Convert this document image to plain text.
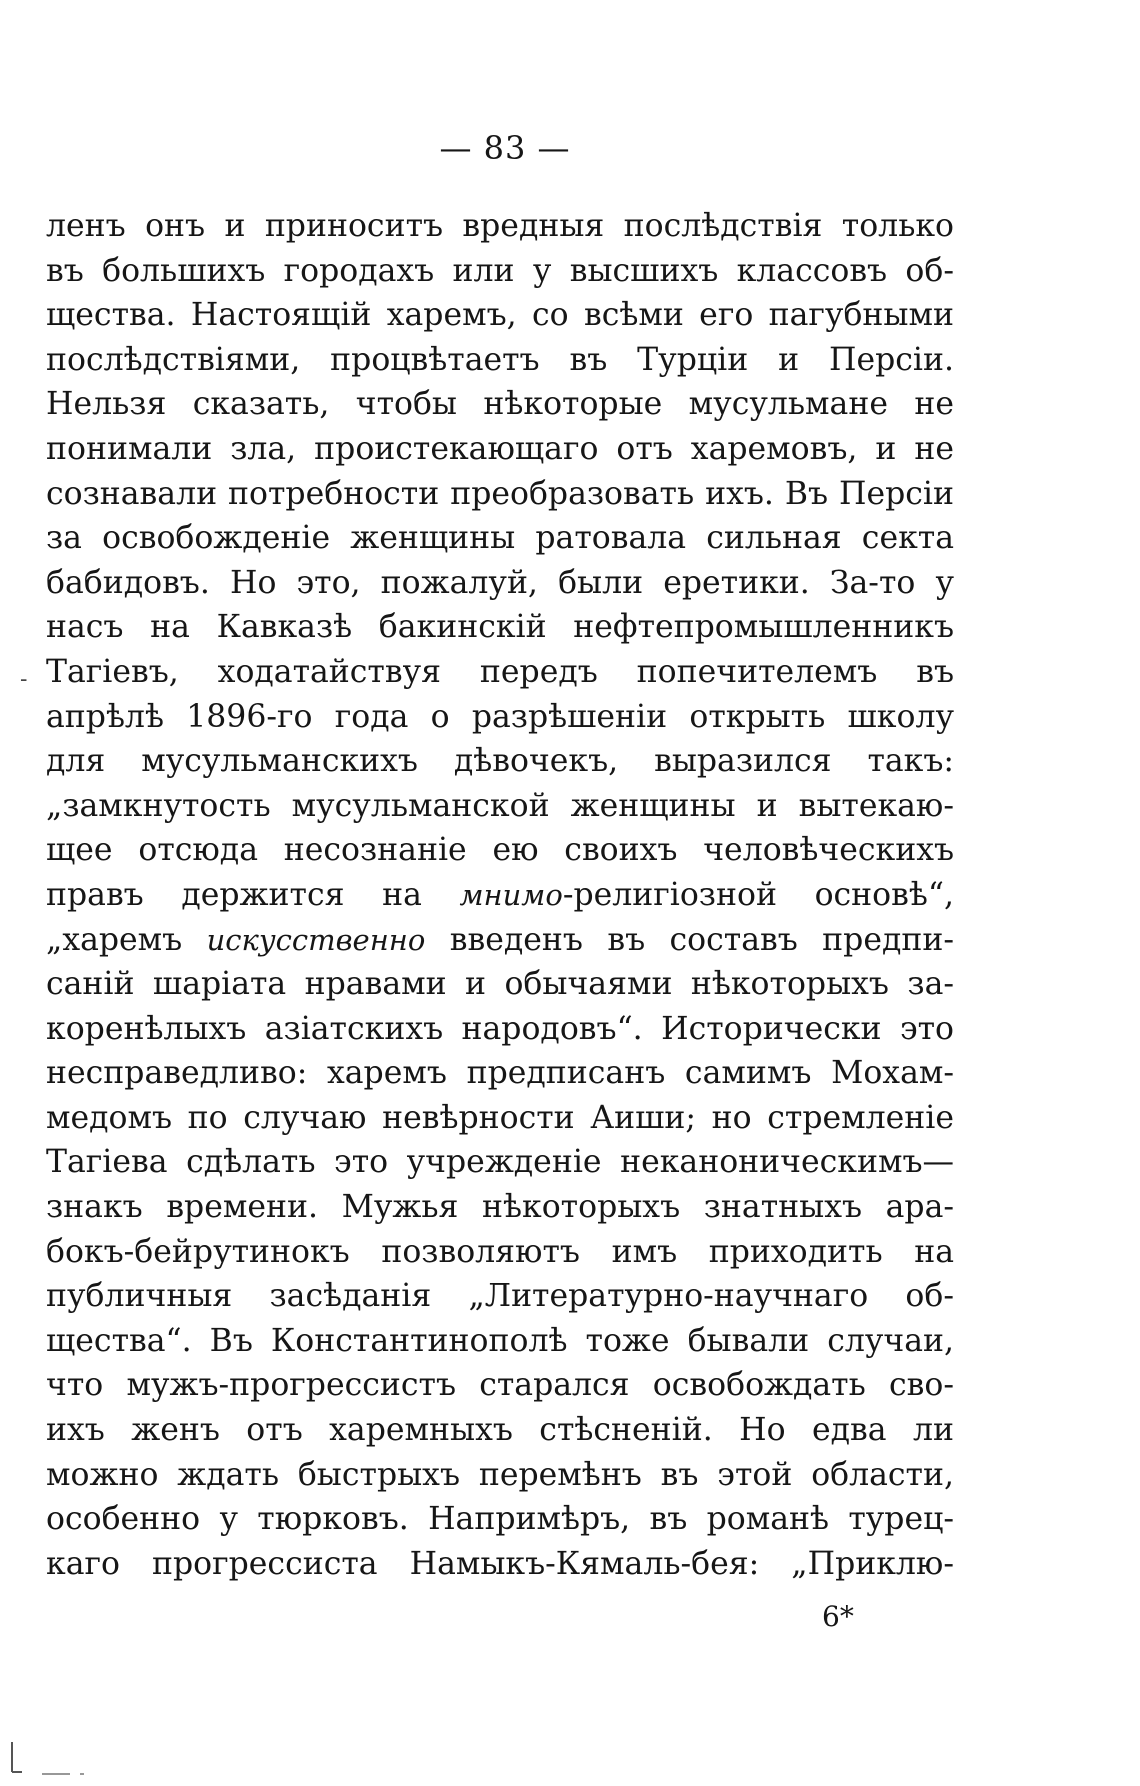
— 83 —
-
ленъ онъ и приноситъ вредныя послѣдствія только
въ большихъ городахъ или у высшихъ классовъ об-
щества. Настоящій харемъ, со всѣми его пагубными
послѣдствіями, процвѣтаетъ въ Турціи и Персіи.
Нельзя сказать, чтобы нѣкоторые мусульмане не
понимали зла, проистекающаго отъ харемовъ, и не
сознавали потребности преобразовать ихъ. Въ Персіи
за освобожденіе женщины ратовала сильная секта
бабидовъ. Но это, пожалуй, были еретики. За-то у
насъ на Кавказѣ бакинскій нефтепромышленникъ
Тагіевъ, ходатайствуя передъ попечителемъ въ
апрѣлѣ 1896-го года о разрѣшеніи открыть школу
для мусульманскихъ дѣвочекъ, выразился такъ:
„замкнутость мусульманской женщины и вытекаю-
щее отсюда несознаніе ею своихъ человѣческихъ
правъ держится на мнимо-религіозной основѣ“,
„харемъ искусственно введенъ въ составъ предпи-
саній шаріата нравами и обычаями нѣкоторыхъ за-
коренѣлыхъ азіатскихъ народовъ“. Исторически это
несправедливо: харемъ предписанъ самимъ Мохам-
медомъ по случаю невѣрности Аиши; но стремленіе
Тагіева сдѣлать это учрежденіе неканоническимъ—
знакъ времени. Мужья нѣкоторыхъ знатныхъ ара-
бокъ-бейрутинокъ позволяютъ имъ приходить на
публичныя засѣданія „Литературно-научнаго об-
щества“. Въ Константинополѣ тоже бывали случаи,
что мужъ-прогрессистъ старался освобождать сво-
ихъ женъ отъ харемныхъ стѣсненій. Но едва ли
можно ждать быстрыхъ перемѣнъ въ этой области,
особенно у тюрковъ. Напримѣръ, въ романѣ турец-
каго прогрессиста Намыкъ-Кямаль-бея: „Приклю-
6*
